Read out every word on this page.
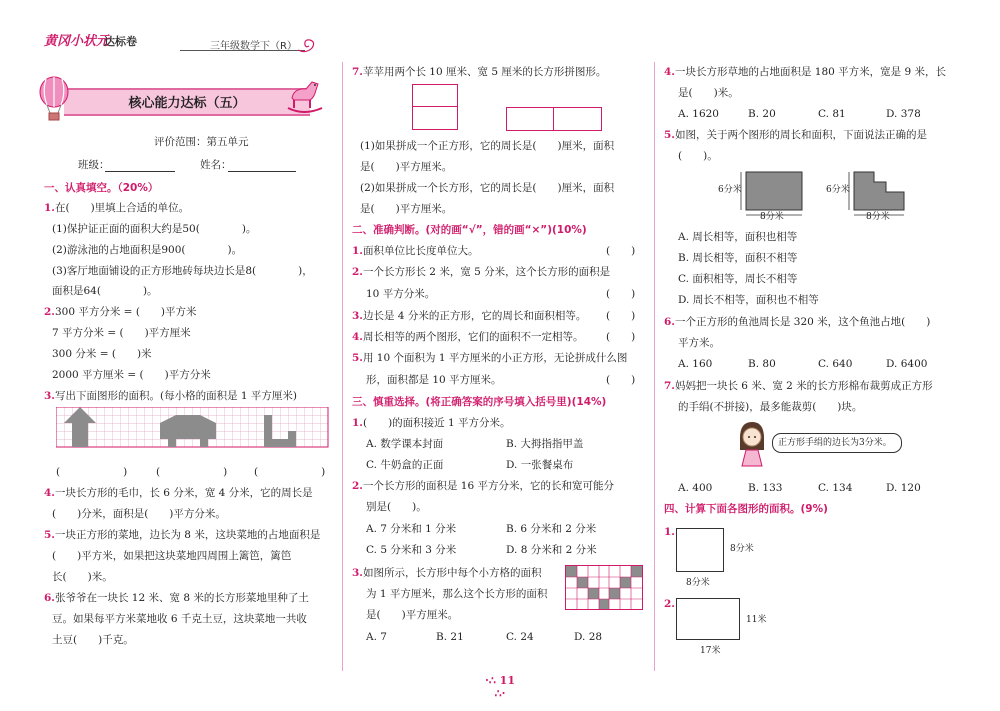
黄冈小状元
达标卷	三年级数学下（R）
核心能力达标（五）
评价范围：第五单元
班级：	姓名：
一、认真填空。（20%）
1.在(　　)里填上合适的单位。
(1)保护证正面的面积大约是50(　　　　)。
(2)游泳池的占地面积是900(　　　　)。
(3)客厅地面铺设的正方形地砖每块边长是8(　　　　)，
面积是64(　　　　)。
2.300 平方分米 = (　　)平方米
7 平方分米 = (　　)平方厘米
300 分米 = (　　)米
2000 平方厘米 = (　　)平方分米
3.写出下面图形的面积。(每小格的面积是 1 平方厘米)
(　　　　　　)	(　　　　　　)	(　　　　　　)
4.一块长方形的毛巾，长 6 分米，宽 4 分米，它的周长是
(　　)分米，面积是(　　)平方分米。
5.一块正方形的菜地，边长为 8 米，这块菜地的占地面积是
(　　)平方米，如果把这块菜地四周围上篱笆，篱笆
长(　　)米。
6.张爷爷在一块长 12 米、宽 8 米的长方形菜地里种了土
豆。如果每平方米菜地收 6 千克土豆，这块菜地一共收
土豆(　　)千克。
7.苹苹用两个长 10 厘米、宽 5 厘米的长方形拼图形。
(1)如果拼成一个正方形，它的周长是(　　)厘米，面积
是(　　)平方厘米。
(2)如果拼成一个长方形，它的周长是(　　)厘米，面积
是(　　)平方厘米。
二、准确判断。(对的画“√”，错的画“×”)(10%)
1.面积单位比长度单位大。	(　　)
2.一个长方形长 2 米，宽 5 分米，这个长方形的面积是
10 平方分米。	(　　)
3.边长是 4 分米的正方形，它的周长和面积相等。 (　　)
4.周长相等的两个图形，它们的面积不一定相等。 (　　)
5.用 10 个面积为 1 平方厘米的小正方形，无论拼成什么图
形，面积都是 10 平方厘米。	(　　)
三、慎重选择。(将正确答案的序号填入括号里)(14%)
1.(　　)的面积接近 1 平方分米。
A. 数学课本封面	B. 大拇指指甲盖
C. 牛奶盒的正面	D. 一张餐桌布
2.一个长方形的面积是 16 平方分米，它的长和宽可能分
别是(　　)。
A. 7 分米和 1 分米	B. 6 分米和 2 分米
C. 5 分米和 3 分米	D. 8 分米和 2 分米
3.如图所示，长方形中每个小方格的面积
为 1 平方厘米，那么这个长方形的面积
是(　　)平方厘米。
A. 7	B. 21	C. 24	D. 28
4.一块长方形草地的占地面积是 180 平方米，宽是 9 米，长
是(　　)米。
A. 1620	B. 20	C. 81	D. 378
5.如图，关于两个图形的周长和面积，下面说法正确的是
(　　)。
6分米
8分米
6分米
8分米
A. 周长相等，面积也相等
B. 周长相等，面积不相等
C. 面积相等，周长不相等
D. 周长不相等，面积也不相等
6.一个正方形的鱼池周长是 320 米，这个鱼池占地(　　)
平方米。
A. 160	B. 80	C. 640	D. 6400
7.妈妈把一块长 6 米、宽 2 米的长方形棉布裁剪成正方形
的手绢(不拼接)，最多能裁剪(　　)块。
正方形手绢的边长为3分米。
A. 400	B. 133	C. 134	D. 120
四、计算下面各图形的面积。(9%)
1.
8分米
8分米
2.
11米
17米
·∴ 11 ∴·
